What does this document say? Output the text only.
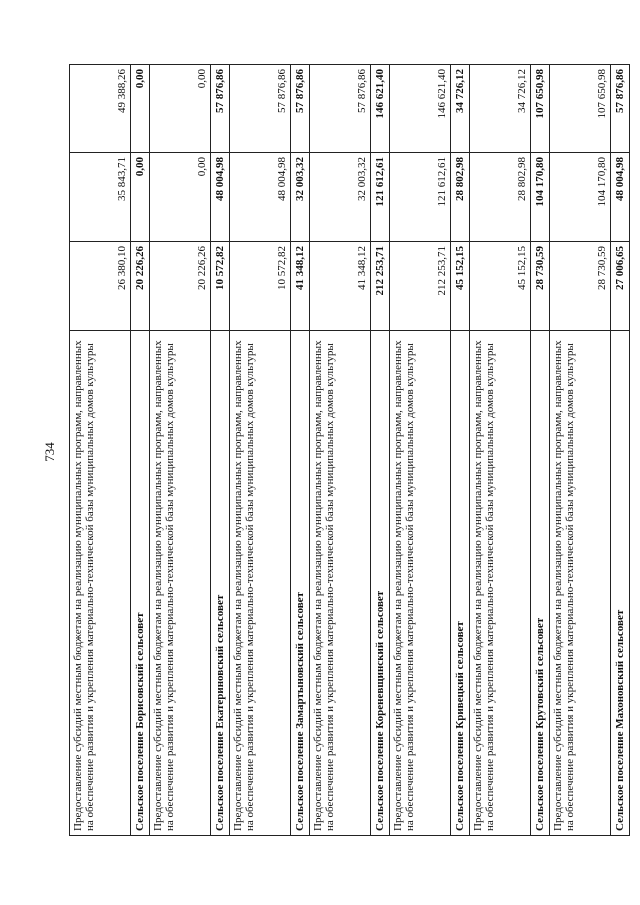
734 Предоставление субсидий местным бюджетам на реализацию муниципальных программ, направленных на обеспечение развития и укрепления материально-технической базы муниципальных домов культуры	26 380,10	35 843,71	49 388,26
Сельское поселение Борисовский сельсовет	20 226,26	0,00	0,00
Предоставление субсидий местным бюджетам на реализацию муниципальных программ, направленных на обеспечение развития и укрепления материально-технической базы муниципальных домов культуры	20 226,26	0,00	0,00
Сельское поселение Екатериновский сельсовет	10 572,82	48 004,98	57 876,86
Предоставление субсидий местным бюджетам на реализацию муниципальных программ, направленных на обеспечение развития и укрепления материально-технической базы муниципальных домов культуры	10 572,82	48 004,98	57 876,86
Сельское поселение Замартыновский сельсовет	41 348,12	32 003,32	57 876,86
Предоставление субсидий местным бюджетам на реализацию муниципальных программ, направленных на обеспечение развития и укрепления материально-технической базы муниципальных домов культуры	41 348,12	32 003,32	57 876,86
Сельское поселение Кореневщинский сельсовет	212 253,71	121 612,61	146 621,40
Предоставление субсидий местным бюджетам на реализацию муниципальных программ, направленных на обеспечение развития и укрепления материально-технической базы муниципальных домов культуры	212 253,71	121 612,61	146 621,40
Сельское поселение Кривецкий сельсовет	45 152,15	28 802,98	34 726,12
Предоставление субсидий местным бюджетам на реализацию муниципальных программ, направленных на обеспечение развития и укрепления материально-технической базы муниципальных домов культуры	45 152,15	28 802,98	34 726,12
Сельское поселение Крутовский сельсовет	28 730,59	104 170,80	107 650,98
Предоставление субсидий местным бюджетам на реализацию муниципальных программ, направленных на обеспечение развития и укрепления материально-технической базы муниципальных домов культуры	28 730,59	104 170,80	107 650,98
Сельское поселение Махоновский сельсовет	27 006,65	48 004,98	57 876,86
